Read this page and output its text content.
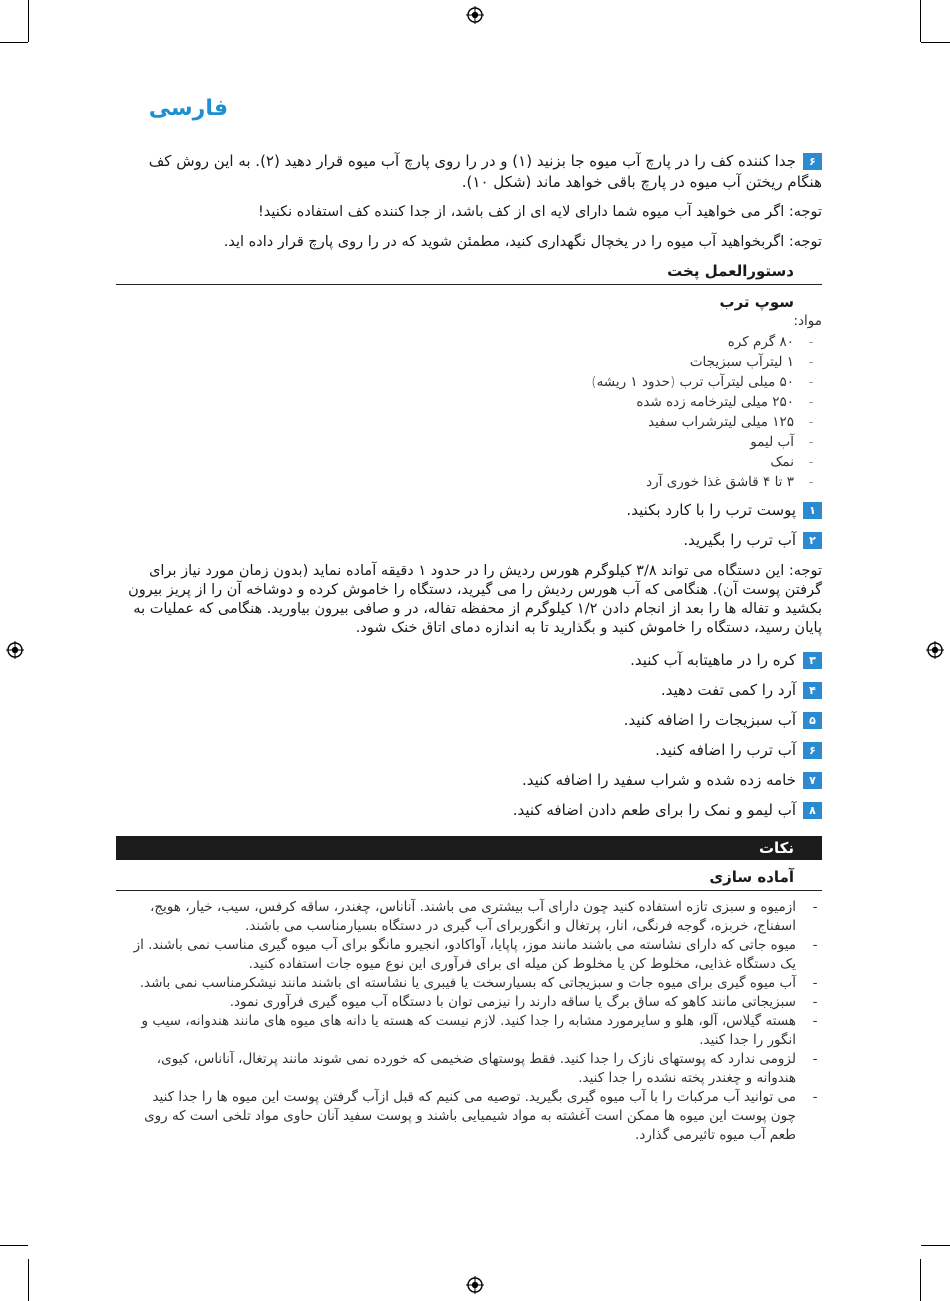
فارسی
۶جدا کننده کف را در پارچ آب میوه جا بزنید (۱) و در را روی پارچ آب میوه قرار دهید (۲). به این روش کف هنگام ریختن آب میوه در پارچ باقی خواهد ماند (شکل ۱۰).
توجه: اگر می خواهید آب میوه شما دارای لایه ای از کف باشد، از جدا کننده کف استفاده نکنید!
توجه: اگربخواهید آب میوه را در یخچال نگهداری کنید، مطمئن شوید که در را روی پارچ قرار داده اید.
دستورالعمل پخت
سوپ ترب
مواد:
-۸۰ گرم کره
-۱ لیترآب سبزیجات
-۵۰ میلی لیترآب ترب (حدود ۱ ریشه)
-۲۵۰ میلی لیترخامه زده شده
-۱۲۵ میلی لیترشراب سفید
-آب لیمو
-نمک
-۳ تا ۴ قاشق غذا خوری آرد
۱پوست ترب را با کارد بکنید.
۲آب ترب را بگیرید.
توجه: این دستگاه می تواند ۳/۸ کیلوگرم هورس ردیش را در حدود ۱ دقیقه آماده نماید (بدون زمان مورد نیاز برای گرفتن پوست آن). هنگامی که آب هورس ردیش را می گیرید، دستگاه را خاموش کرده و دوشاخه آن را از پریز بیرون بکشید و تفاله ها را بعد از انجام دادن ۱/۲ کیلوگرم از محفظه تفاله، در و صافی بیرون بیاورید. هنگامی که عملیات به پایان رسید، دستگاه را خاموش کنید و بگذارید تا به اندازه دمای اتاق خنک شود.
۳کره را در ماهیتابه آب کنید.
۴آرد را کمی تفت دهید.
۵آب سبزیجات را اضافه کنید.
۶آب ترب را اضافه کنید.
۷خامه زده شده و شراب سفید را اضافه کنید.
۸آب لیمو و نمک را برای طعم دادن اضافه کنید.
نکات
آماده سازی
-
ازمیوه و سبزی تازه استفاده کنید چون دارای آب بیشتری می باشند. آناناس، چغندر، ساقه کرفس، سیب، خیار، هویج، اسفناج، خربزه، گوجه فرنگی، انار، پرتغال و انگوربرای آب گیری در دستگاه بسیارمناسب می باشند.
-
میوه جاتی که دارای نشاسته می باشند مانند موز، پاپایا، آواکادو، انجیرو مانگو برای آب میوه گیری مناسب نمی باشند. از یک دستگاه غذایی، مخلوط کن یا مخلوط کن میله ای برای فرآوری این نوع میوه جات استفاده کنید.
-
آب میوه گیری برای میوه جات و سبزیجاتی که بسیارسخت یا فیبری یا نشاسته ای باشند مانند نیشکرمناسب نمی باشد.
-
سبزیجاتی مانند کاهو که ساق برگ یا ساقه دارند را نیزمی توان با دستگاه آب میوه گیری فرآوری نمود.
-
هسته گیلاس، آلو، هلو و سایرمورد مشابه را جدا کنید. لازم نیست که هسته یا دانه های میوه های مانند هندوانه، سیب و انگور را جدا کنید.
-
لزومی ندارد که پوستهای نازک را جدا کنید. فقط پوستهای ضخیمی که خورده نمی شوند مانند پرتغال، آناناس، کیوی، هندوانه و چغندر پخته نشده را جدا کنید.
-
می توانید آب مرکبات را با آب میوه گیری بگیرید. توصیه می کنیم که قبل ازآب گرفتن پوست این میوه ها را جدا کنید چون پوست این میوه ها ممکن است آغشته به مواد شیمیایی باشند و پوست سفید آنان حاوی مواد تلخی است که روی طعم آب میوه تاثیرمی گذارد.
